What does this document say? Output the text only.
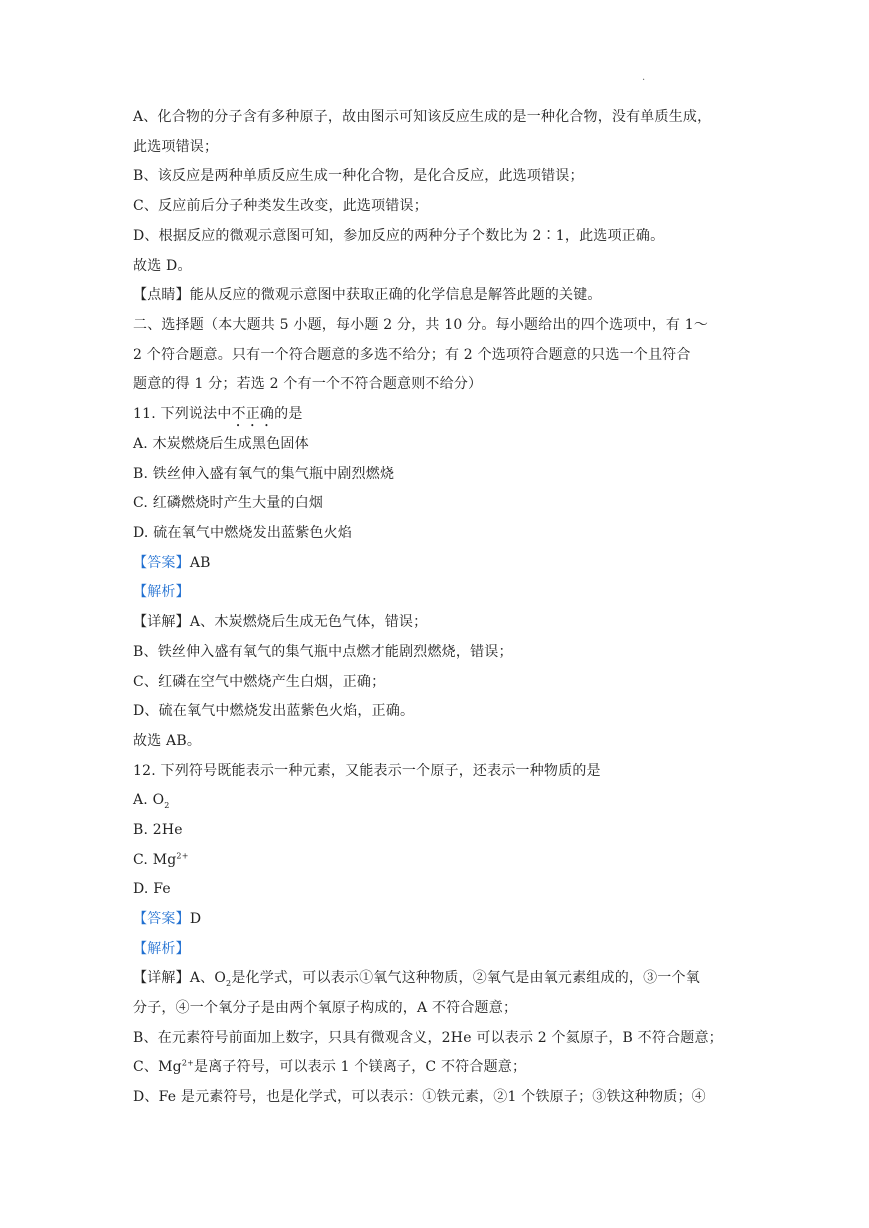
.
A、化合物的分子含有多种原子，故由图示可知该反应生成的是一种化合物，没有单质生成，
此选项错误；
B、该反应是两种单质反应生成一种化合物，是化合反应，此选项错误；
C、反应前后分子种类发生改变，此选项错误；
D、根据反应的微观示意图可知，参加反应的两种分子个数比为 2∶1，此选项正确。
故选 D。
【点睛】能从反应的微观示意图中获取正确的化学信息是解答此题的关键。
二、选择题（本大题共 5 小题，每小题 2 分，共 10 分。每小题给出的四个选项中，有 1～
2 个符合题意。只有一个符合题意的多选不给分；有 2 个选项符合题意的只选一个且符合
题意的得 1 分；若选 2 个有一个不符合题意则不给分）
11. 下列说法中不正确的是
A. 木炭燃烧后生成黑色固体
B. 铁丝伸入盛有氧气的集气瓶中剧烈燃烧
C. 红磷燃烧时产生大量的白烟
D. 硫在氧气中燃烧发出蓝紫色火焰
【答案】AB
【解析】
【详解】A、木炭燃烧后生成无色气体，错误；
B、铁丝伸入盛有氧气的集气瓶中点燃才能剧烈燃烧，错误；
C、红磷在空气中燃烧产生白烟，正确；
D、硫在氧气中燃烧发出蓝紫色火焰，正确。
故选 AB。
12. 下列符号既能表示一种元素，又能表示一个原子，还表示一种物质的是
A. $O_2$
B. 2He
C. $Mg^{2+}$
D. Fe
【答案】D
【解析】
【详解】A、$O_2$是化学式，可以表示①氧气这种物质，②氧气是由氧元素组成的，③一个氧
分子，④一个氧分子是由两个氧原子构成的，A 不符合题意；
B、在元素符号前面加上数字，只具有微观含义，2He 可以表示 2 个氦原子，B 不符合题意；
C、$Mg^{2+}$是离子符号，可以表示 1 个镁离子，C 不符合题意；
D、Fe 是元素符号，也是化学式，可以表示：①铁元素，②1 个铁原子；③铁这种物质；④
